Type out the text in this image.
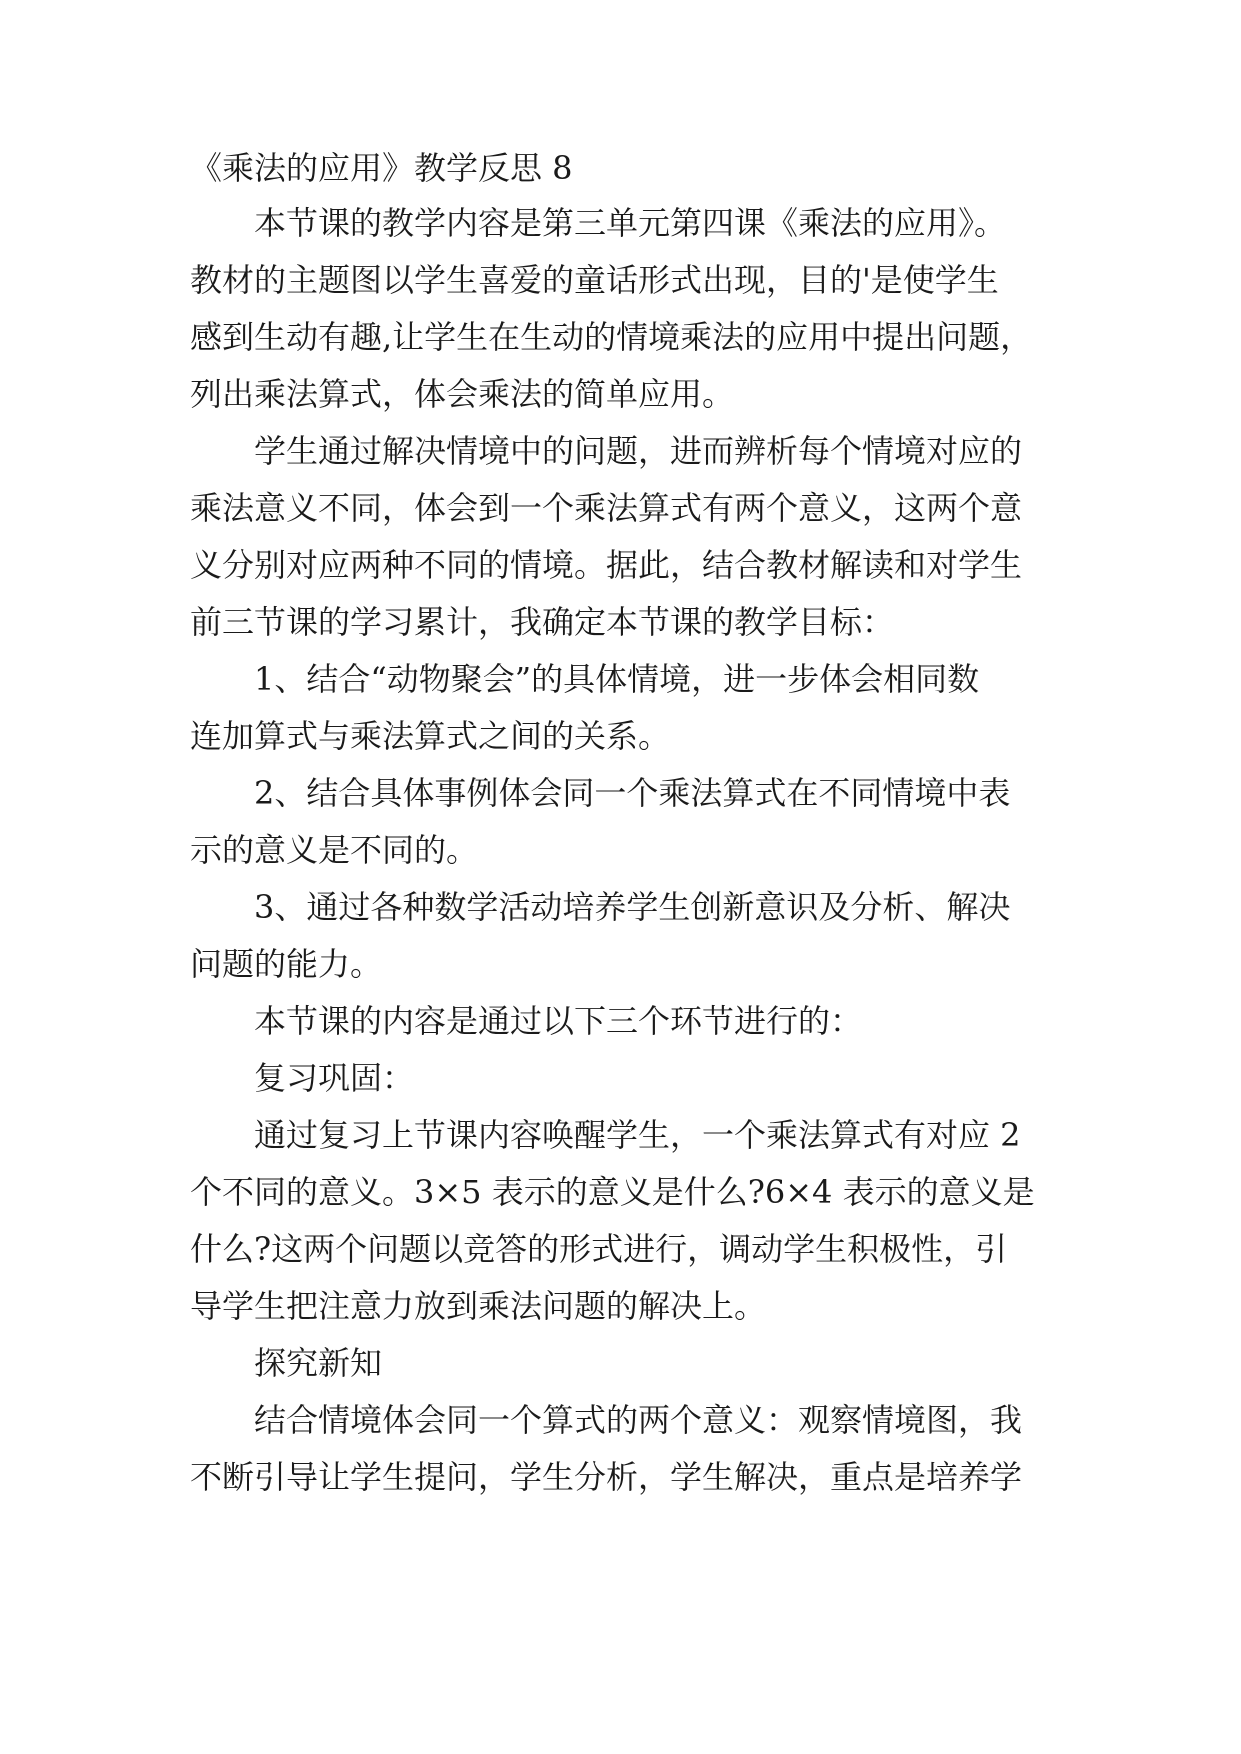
《乘法的应用》教学反思 8
本节课的教学内容是第三单元第四课《乘法的应用》。
教材的主题图以学生喜爱的童话形式出现，目的'是使学生
感到生动有趣,让学生在生动的情境乘法的应用中提出问题，
列出乘法算式，体会乘法的简单应用。
学生通过解决情境中的问题，进而辨析每个情境对应的
乘法意义不同，体会到一个乘法算式有两个意义，这两个意
义分别对应两种不同的情境。据此，结合教材解读和对学生
前三节课的学习累计，我确定本节课的教学目标：
1、结合“动物聚会”的具体情境，进一步体会相同数
连加算式与乘法算式之间的关系。
2、结合具体事例体会同一个乘法算式在不同情境中表
示的意义是不同的。
3、通过各种数学活动培养学生创新意识及分析、解决
问题的能力。
本节课的内容是通过以下三个环节进行的：
复习巩固：
通过复习上节课内容唤醒学生，一个乘法算式有对应 2
个不同的意义。3×5 表示的意义是什么?6×4 表示的意义是
什么?这两个问题以竞答的形式进行，调动学生积极性，引
导学生把注意力放到乘法问题的解决上。
探究新知
结合情境体会同一个算式的两个意义：观察情境图，我
不断引导让学生提问，学生分析，学生解决，重点是培养学
